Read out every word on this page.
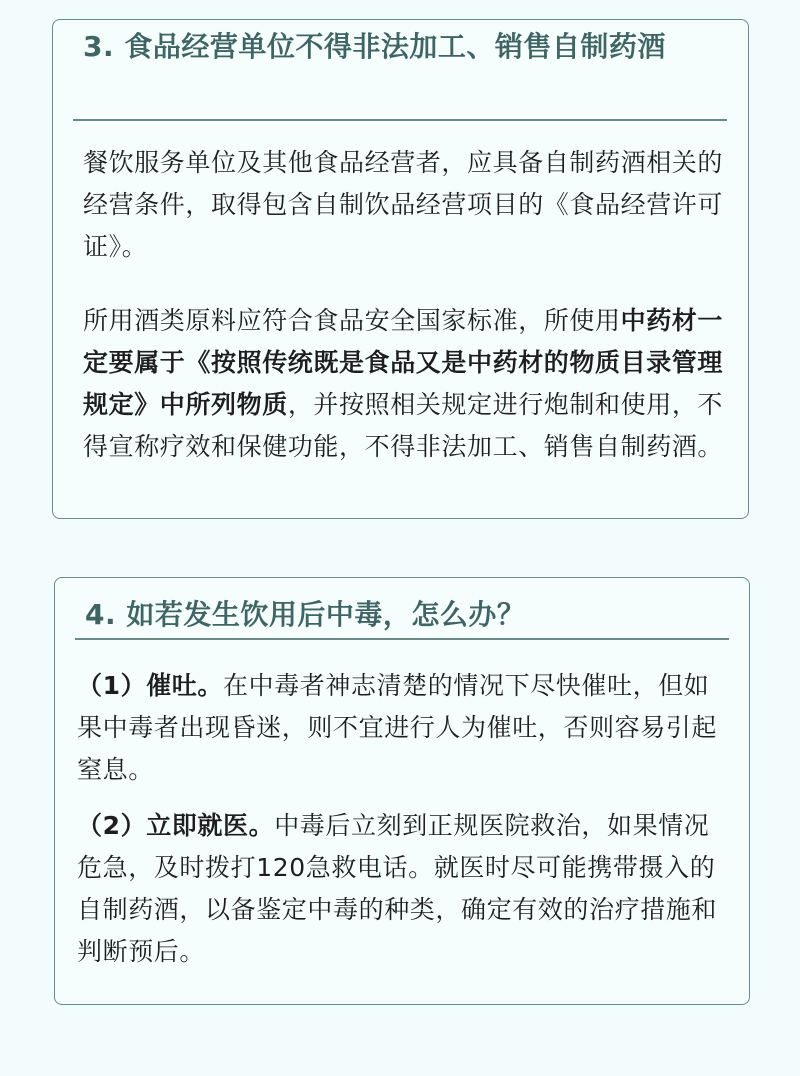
3. 食品经营单位不得非法加工、销售自制药酒

餐饮服务单位及其他食品经营者，应具备自制药酒相关的经营条件，取得包含自制饮品经营项目的《食品经营许可证》。

所用酒类原料应符合食品安全国家标准，所使用中药材一定要属于《按照传统既是食品又是中药材的物质目录管理规定》中所列物质，并按照相关规定进行炮制和使用，不得宣称疗效和保健功能，不得非法加工、销售自制药酒。

4. 如若发生饮用后中毒，怎么办？

（1）催吐。在中毒者神志清楚的情况下尽快催吐，但如果中毒者出现昏迷，则不宜进行人为催吐，否则容易引起窒息。

（2）立即就医。中毒后立刻到正规医院救治，如果情况危急，及时拨打120急救电话。就医时尽可能携带摄入的自制药酒，以备鉴定中毒的种类，确定有效的治疗措施和判断预后。
